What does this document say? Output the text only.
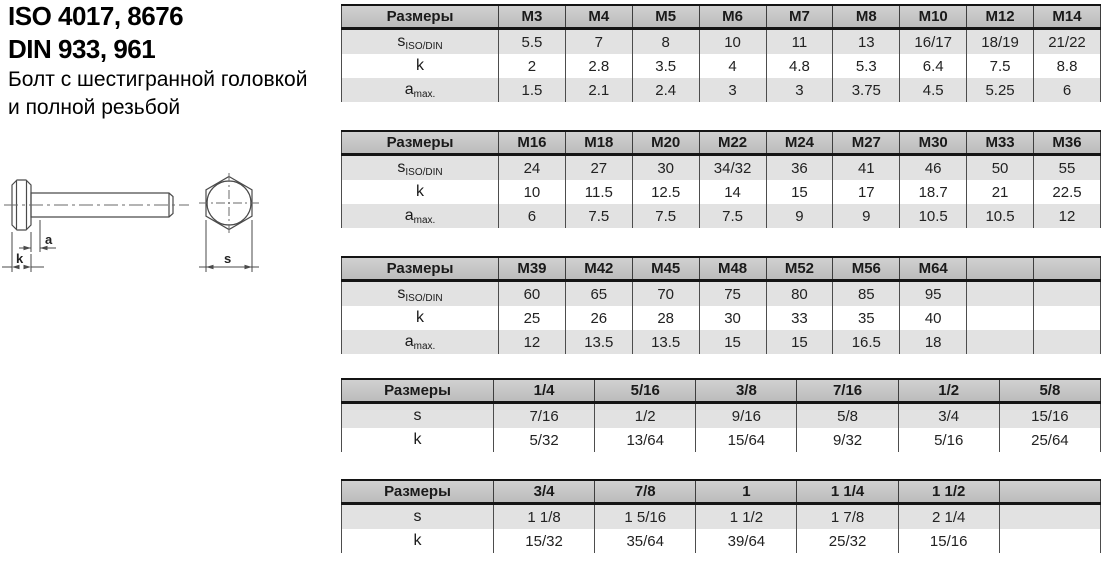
ISO 4017, 8676
DIN 933, 961
Болт с шестигранной головкой
и полной резьбой
a
k	s
Размеры	M3	M4	M5	M6	M7	M8	M10	M12	M14
$s_{ISO/DIN}$	5.5	7	8	10	11	13	16/17	18/19	21/22
k	2	2.8	3.5	4	4.8	5.3	6.4	7.5	8.8
$a_{max.}$	1.5	2.1	2.4	3	3	3.75	4.5	5.25	6
Размеры	M16	M18	M20	M22	M24	M27	M30	M33	M36
$s_{ISO/DIN}$	24	27	30	34/32	36	41	46	50	55
k	10	11.5	12.5	14	15	17	18.7	21	22.5
$a_{max.}$	6	7.5	7.5	7.5	9	9	10.5	10.5	12
Размеры	M39	M42	M45	M48	M52	M56	M64		
$s_{ISO/DIN}$	60	65	70	75	80	85	95		
k	25	26	28	30	33	35	40		
$a_{max.}$	12	13.5	13.5	15	15	16.5	18		
Размеры	1/4	5/16	3/8	7/16	1/2	5/8
s	7/16	1/2	9/16	5/8	3/4	15/16
k	5/32	13/64	15/64	9/32	5/16	25/64
Размеры	3/4	7/8	1	1 1/4	1 1/2	
s	1 1/8	1 5/16	1 1/2	1 7/8	2 1/4	
k	15/32	35/64	39/64	25/32	15/16	
